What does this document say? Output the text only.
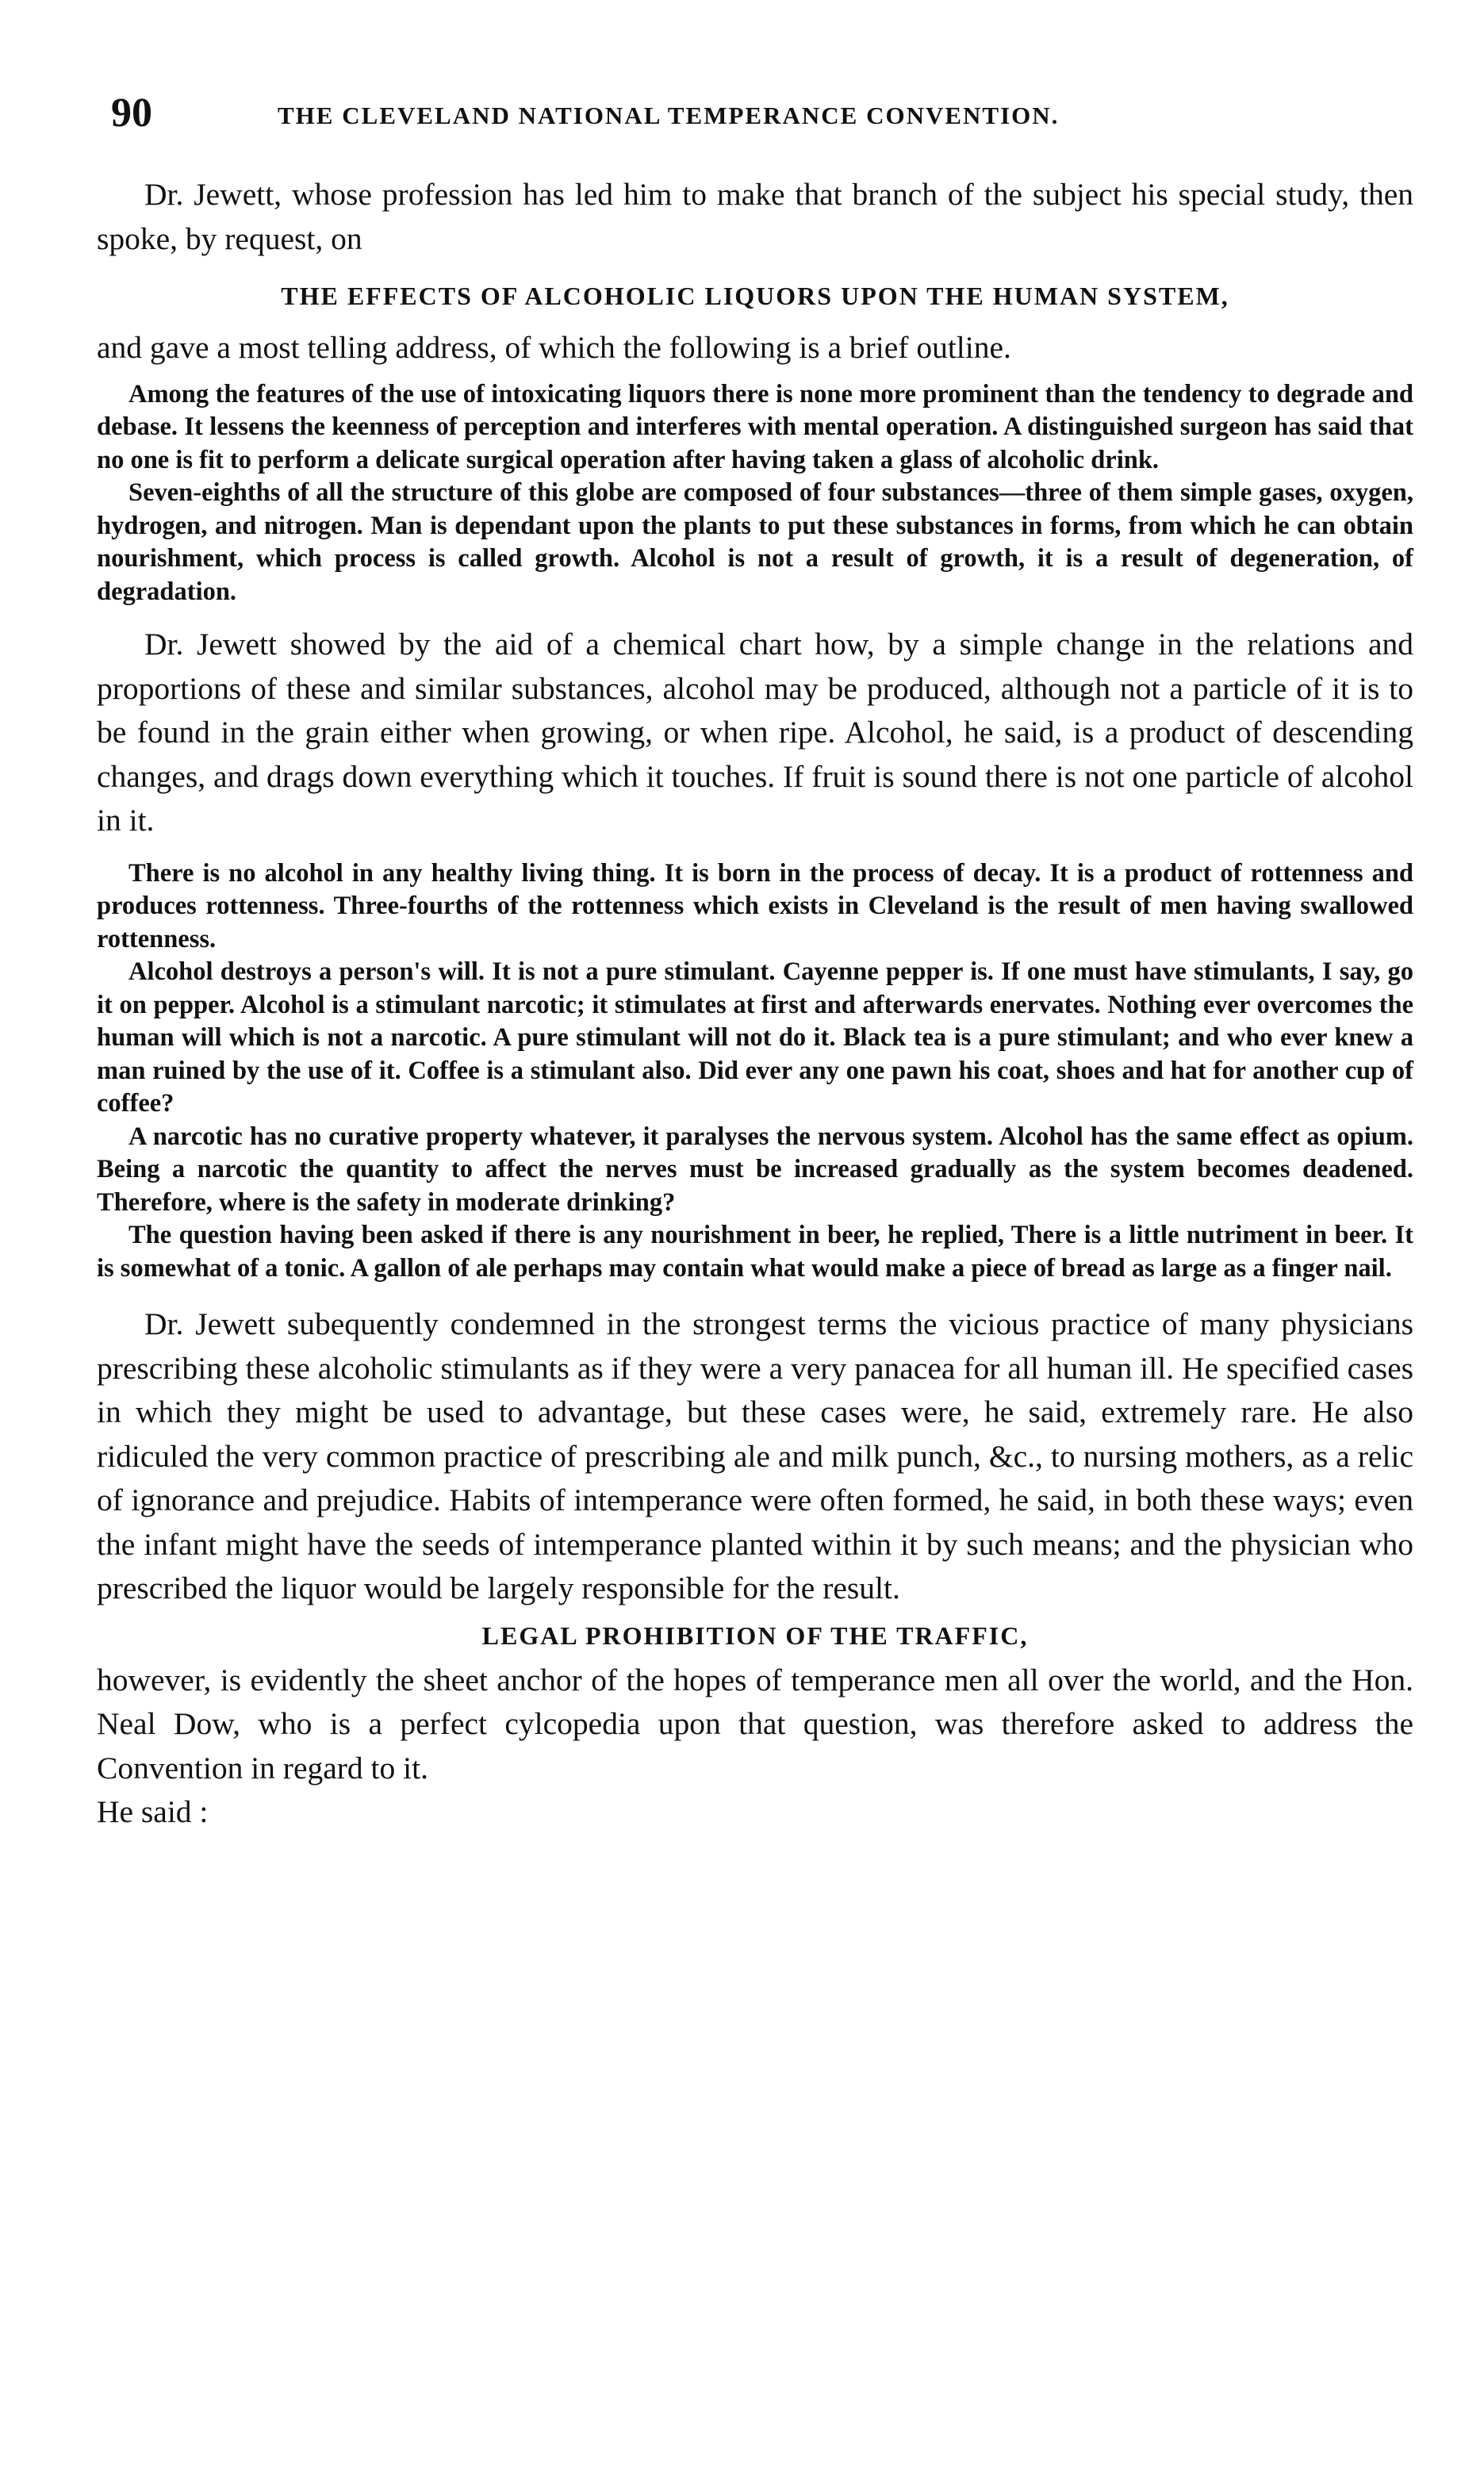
90	THE CLEVELAND NATIONAL TEMPERANCE CONVENTION.

Dr. Jewett, whose profession has led him to make that branch of the subject his special study, then spoke, by request, on

THE EFFECTS OF ALCOHOLIC LIQUORS UPON THE HUMAN SYSTEM,

and gave a most telling address, of which the following is a brief outline.

Among the features of the use of intoxicating liquors there is none more prominent than the tendency to degrade and debase. It lessens the keenness of perception and interferes with mental operation. A distinguished surgeon has said that no one is fit to perform a delicate surgical operation after having taken a glass of alcoholic drink.

Seven-eighths of all the structure of this globe are composed of four substances—three of them simple gases, oxygen, hydrogen, and nitrogen. Man is dependant upon the plants to put these substances in forms, from which he can obtain nourishment, which process is called growth. Alcohol is not a result of growth, it is a result of degeneration, of degradation.

Dr. Jewett showed by the aid of a chemical chart how, by a simple change in the relations and proportions of these and similar substances, alcohol may be produced, although not a particle of it is to be found in the grain either when growing, or when ripe. Alcohol, he said, is a product of descending changes, and drags down everything which it touches. If fruit is sound there is not one particle of alcohol in it.

There is no alcohol in any healthy living thing. It is born in the process of decay. It is a product of rottenness and produces rottenness. Three-fourths of the rottenness which exists in Cleveland is the result of men having swallowed rottenness.

Alcohol destroys a person's will. It is not a pure stimulant. Cayenne pepper is. If one must have stimulants, I say, go it on pepper. Alcohol is a stimulant narcotic; it stimulates at first and afterwards enervates. Nothing ever overcomes the human will which is not a narcotic. A pure stimulant will not do it. Black tea is a pure stimulant; and who ever knew a man ruined by the use of it. Coffee is a stimulant also. Did ever any one pawn his coat, shoes and hat for another cup of coffee?

A narcotic has no curative property whatever, it paralyses the nervous system. Alcohol has the same effect as opium. Being a narcotic the quantity to affect the nerves must be increased gradually as the system becomes deadened. Therefore, where is the safety in moderate drinking?

The question having been asked if there is any nourishment in beer, he replied, There is a little nutriment in beer. It is somewhat of a tonic. A gallon of ale perhaps may contain what would make a piece of bread as large as a finger nail.

Dr. Jewett subequently condemned in the strongest terms the vicious practice of many physicians prescribing these alcoholic stimulants as if they were a very panacea for all human ill. He specified cases in which they might be used to advantage, but these cases were, he said, extremely rare. He also ridiculed the very common practice of prescribing ale and milk punch, &c., to nursing mothers, as a relic of ignorance and prejudice. Habits of intemperance were often formed, he said, in both these ways; even the infant might have the seeds of intemperance planted within it by such means; and the physician who prescribed the liquor would be largely responsible for the result.

LEGAL PROHIBITION OF THE TRAFFIC,

however, is evidently the sheet anchor of the hopes of temperance men all over the world, and the Hon. Neal Dow, who is a perfect cylcopedia upon that question, was therefore asked to address the Convention in regard to it.

He said :
